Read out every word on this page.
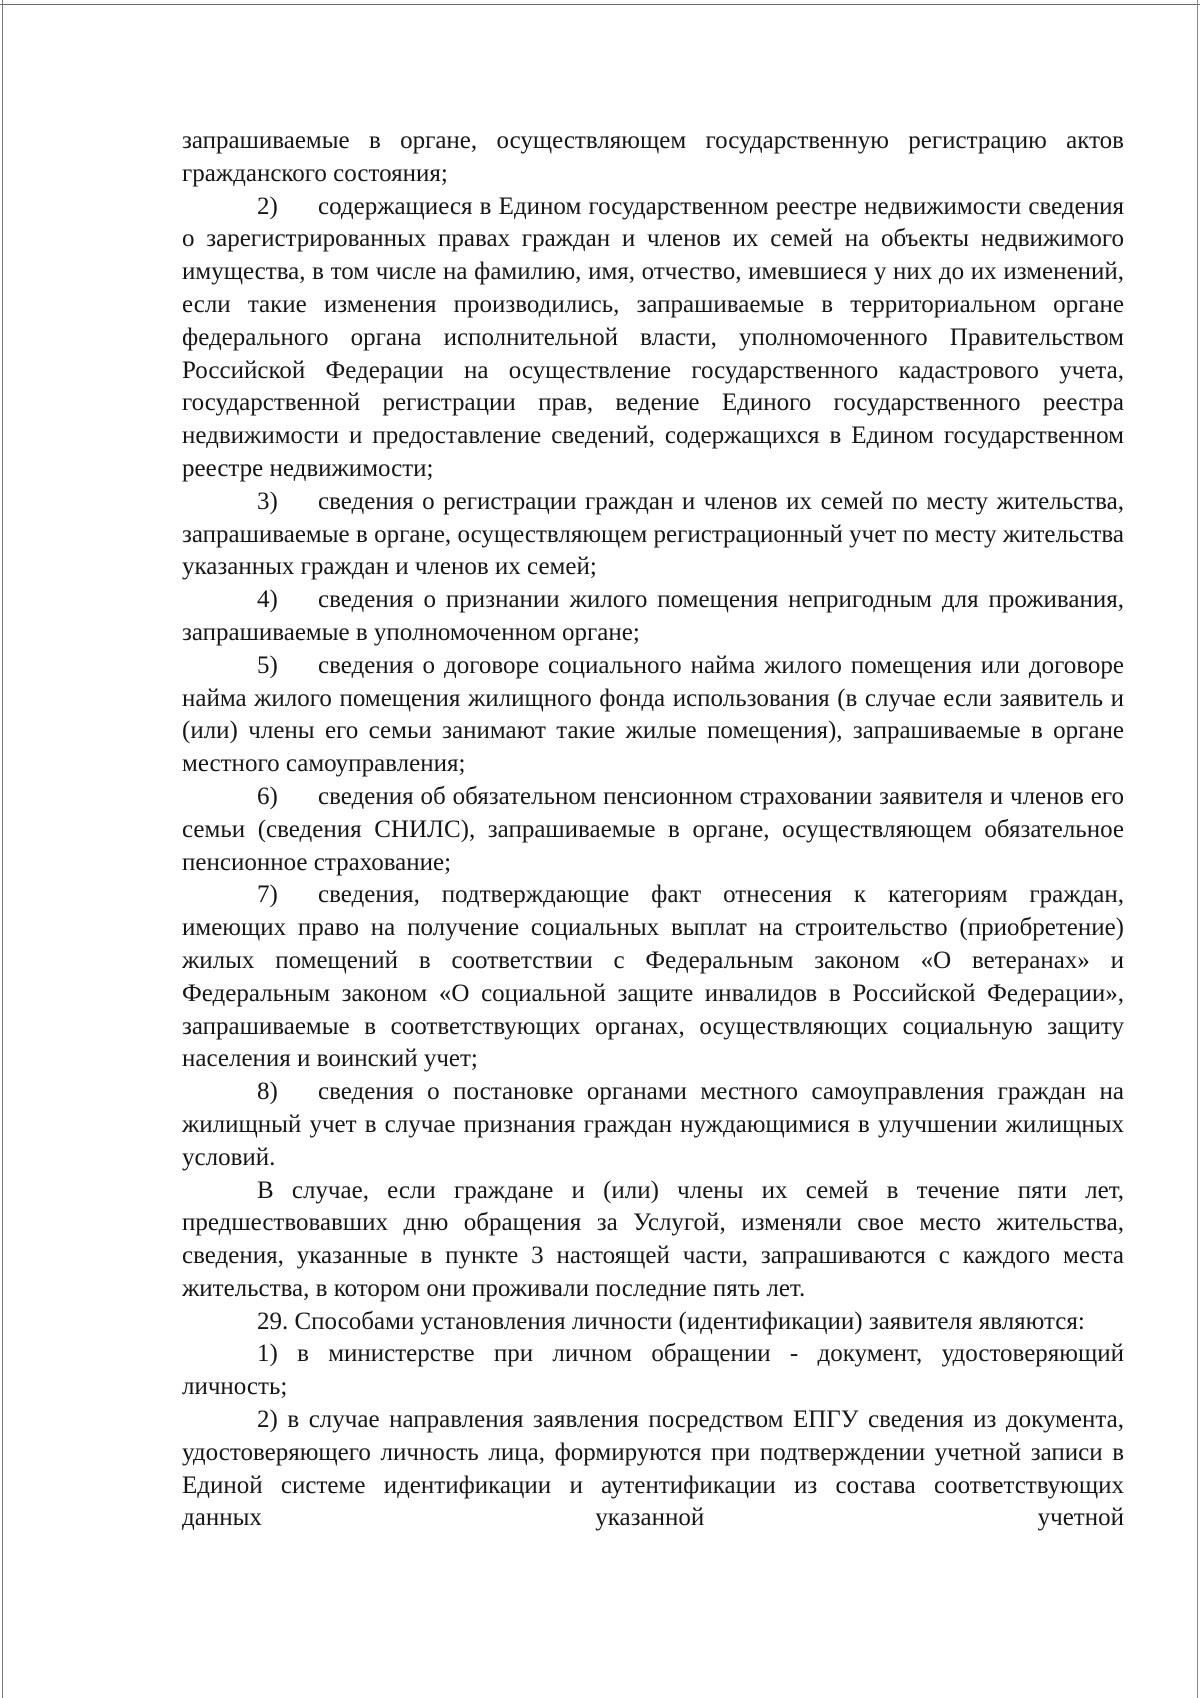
запрашиваемые в органе, осуществляющем государственную регистрацию актов гражданского состояния;

2) содержащиеся в Едином государственном реестре недвижимости сведения о зарегистрированных правах граждан и членов их семей на объекты недвижимого имущества, в том числе на фамилию, имя, отчество, имевшиеся у них до их изменений, если такие изменения производились, запрашиваемые в территориальном органе федерального органа исполнительной власти, уполномоченного Правительством Российской Федерации на осуществление государственного кадастрового учета, государственной регистрации прав, ведение Единого государственного реестра недвижимости и предоставление сведений, содержащихся в Едином государственном реестре недвижимости;

3) сведения о регистрации граждан и членов их семей по месту жительства, запрашиваемые в органе, осуществляющем регистрационный учет по месту жительства указанных граждан и членов их семей;

4) сведения о признании жилого помещения непригодным для проживания, запрашиваемые в уполномоченном органе;

5) сведения о договоре социального найма жилого помещения или договоре найма жилого помещения жилищного фонда использования (в случае если заявитель и (или) члены его семьи занимают такие жилые помещения), запрашиваемые в органе местного самоуправления;

6) сведения об обязательном пенсионном страховании заявителя и членов его семьи (сведения СНИЛС), запрашиваемые в органе, осуществляющем обязательное пенсионное страхование;

7) сведения, подтверждающие факт отнесения к категориям граждан, имеющих право на получение социальных выплат на строительство (приобретение) жилых помещений в соответствии с Федеральным законом «О ветеранах» и Федеральным законом «О социальной защите инвалидов в Российской Федерации», запрашиваемые в соответствующих органах, осуществляющих социальную защиту населения и воинский учет;

8) сведения о постановке органами местного самоуправления граждан на жилищный учет в случае признания граждан нуждающимися в улучшении жилищных условий.

В случае, если граждане и (или) члены их семей в течение пяти лет, предшествовавших дню обращения за Услугой, изменяли свое место жительства, сведения, указанные в пункте 3 настоящей части, запрашиваются с каждого места жительства, в котором они проживали последние пять лет.

29. Способами установления личности (идентификации) заявителя являются:

1) в министерстве при личном обращении - документ, удостоверяющий личность;

2) в случае направления заявления посредством ЕПГУ сведения из документа, удостоверяющего личность лица, формируются при подтверждении учетной записи в Единой системе идентификации и аутентификации из состава соответствующих данных указанной учетной
